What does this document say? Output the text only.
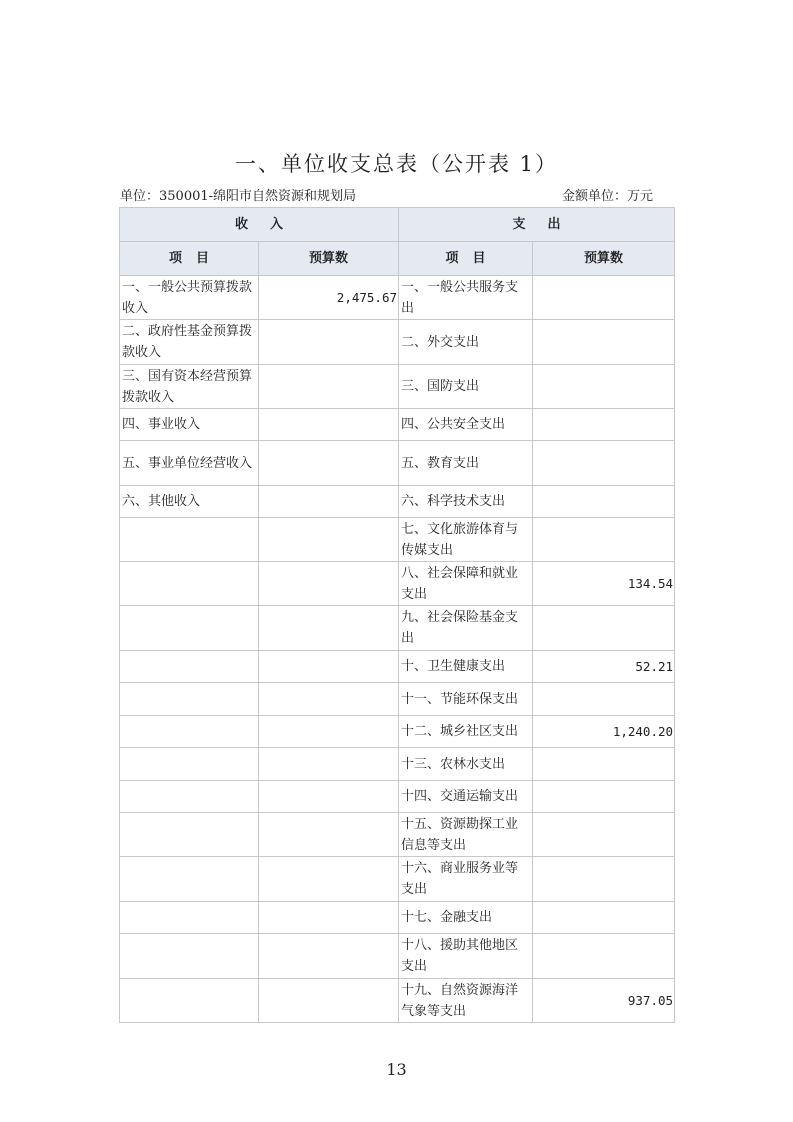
一、单位收支总表（公开表 1）
单位：350001-绵阳市自然资源和规划局	金额单位：万元
收入		支出	
项目	预算数	项目	预算数
一、一般公共预算拨款收入	2,475.67	一、一般公共服务支出	
二、政府性基金预算拨款收入		二、外交支出	
三、国有资本经营预算拨款收入		三、国防支出	
四、事业收入		四、公共安全支出	
五、事业单位经营收入		五、教育支出	
六、其他收入		六、科学技术支出	
		七、文化旅游体育与传媒支出	
		八、社会保障和就业支出	134.54
		九、社会保险基金支出	
		十、卫生健康支出	52.21
		十一、节能环保支出	
		十二、城乡社区支出	1,240.20
		十三、农林水支出	
		十四、交通运输支出	
		十五、资源勘探工业信息等支出	
		十六、商业服务业等支出	
		十七、金融支出	
		十八、援助其他地区支出	
		十九、自然资源海洋气象等支出	937.05
13
